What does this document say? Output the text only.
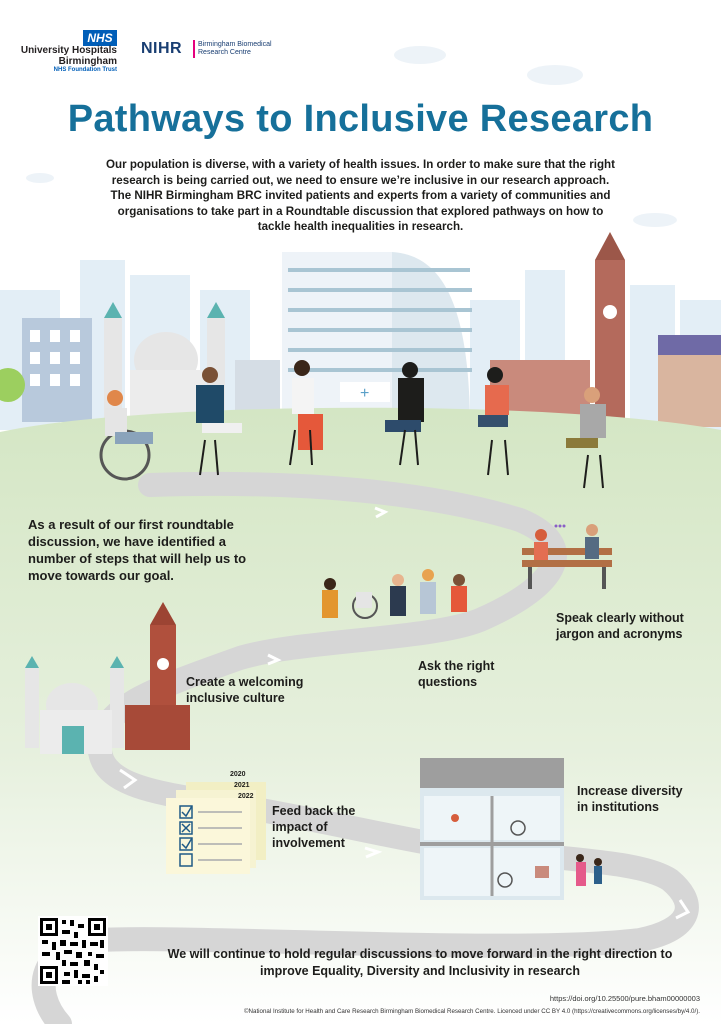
+
NHS
University Hospitals
Birmingham
NHS Foundation Trust
NIHR Birmingham Biomedical
Research Centre
Pathways to Inclusive Research
Our population is diverse, with a variety of health issues. In order to make sure that the right research is being carried out, we need to ensure we’re inclusive in our research approach. The NIHR Birmingham BRC invited patients and experts from a variety of communities and organisations to take part in a Roundtable discussion that explored pathways on how to tackle health inequalities in research.
As a result of our first roundtable discussion, we have identified a number of steps that will help us to move towards our goal.
Speak clearly without jargon and acronyms
Ask the right questions
Create a welcoming inclusive culture
Feed back the impact of involvement
Increase diversity in institutions
2020
2021
2022
We will continue to hold regular discussions to move forward in the right direction to improve Equality, Diversity and Inclusivity in research
https://doi.org/10.25500/pure.bham00000003
©National Institute for Health and Care Research Birmingham Biomedical Research Centre. Licenced under CC BY 4.0 (https://creativecommons.org/licenses/by/4.0/).
